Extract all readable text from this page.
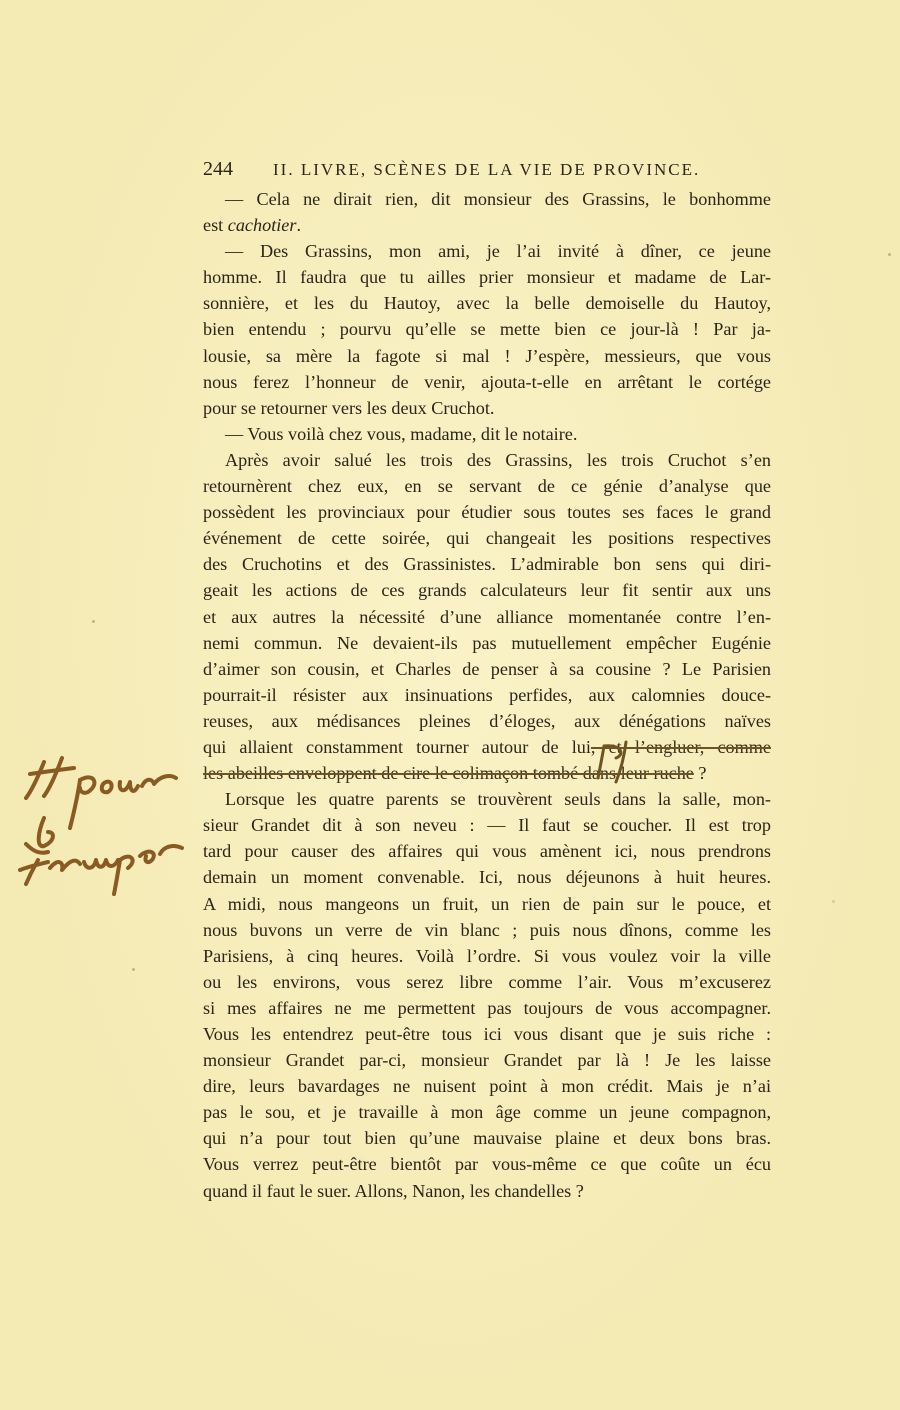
244 II. LIVRE, SCÈNES DE LA VIE DE PROVINCE.
— Cela ne dirait rien, dit monsieur des Grassins, le bonhomme
est cachotier.
— Des Grassins, mon ami, je l’ai invité à dîner, ce jeune
homme. Il faudra que tu ailles prier monsieur et madame de Lar-
sonnière, et les du Hautoy, avec la belle demoiselle du Hautoy,
bien entendu ; pourvu qu’elle se mette bien ce jour-là ! Par ja-
lousie, sa mère la fagote si mal ! J’espère, messieurs, que vous
nous ferez l’honneur de venir, ajouta-t-elle en arrêtant le cortége
pour se retourner vers les deux Cruchot.
— Vous voilà chez vous, madame, dit le notaire.
Après avoir salué les trois des Grassins, les trois Cruchot s’en
retournèrent chez eux, en se servant de ce génie d’analyse que
possèdent les provinciaux pour étudier sous toutes ses faces le grand
événement de cette soirée, qui changeait les positions respectives
des Cruchotins et des Grassinistes. L’admirable bon sens qui diri-
geait les actions de ces grands calculateurs leur fit sentir aux uns
et aux autres la nécessité d’une alliance momentanée contre l’en-
nemi commun. Ne devaient-ils pas mutuellement empêcher Eugénie
d’aimer son cousin, et Charles de penser à sa cousine ? Le Parisien
pourrait-il résister aux insinuations perfides, aux calomnies douce-
reuses, aux médisances pleines d’éloges, aux dénégations naïves
qui allaient constamment tourner autour de lui, et l’engluer, comme
les abeilles enveloppent de cire le colimaçon tombé dans leur ruche ?
Lorsque les quatre parents se trouvèrent seuls dans la salle, mon-
sieur Grandet dit à son neveu : — Il faut se coucher. Il est trop
tard pour causer des affaires qui vous amènent ici, nous prendrons
demain un moment convenable. Ici, nous déjeunons à huit heures.
A midi, nous mangeons un fruit, un rien de pain sur le pouce, et
nous buvons un verre de vin blanc ; puis nous dînons, comme les
Parisiens, à cinq heures. Voilà l’ordre. Si vous voulez voir la ville
ou les environs, vous serez libre comme l’air. Vous m’excuserez
si mes affaires ne me permettent pas toujours de vous accompagner.
Vous les entendrez peut-être tous ici vous disant que je suis riche :
monsieur Grandet par-ci, monsieur Grandet par là ! Je les laisse
dire, leurs bavardages ne nuisent point à mon crédit. Mais je n’ai
pas le sou, et je travaille à mon âge comme un jeune compagnon,
qui n’a pour tout bien qu’une mauvaise plaine et deux bons bras.
Vous verrez peut-être bientôt par vous-même ce que coûte un écu
quand il faut le suer. Allons, Nanon, les chandelles ?
